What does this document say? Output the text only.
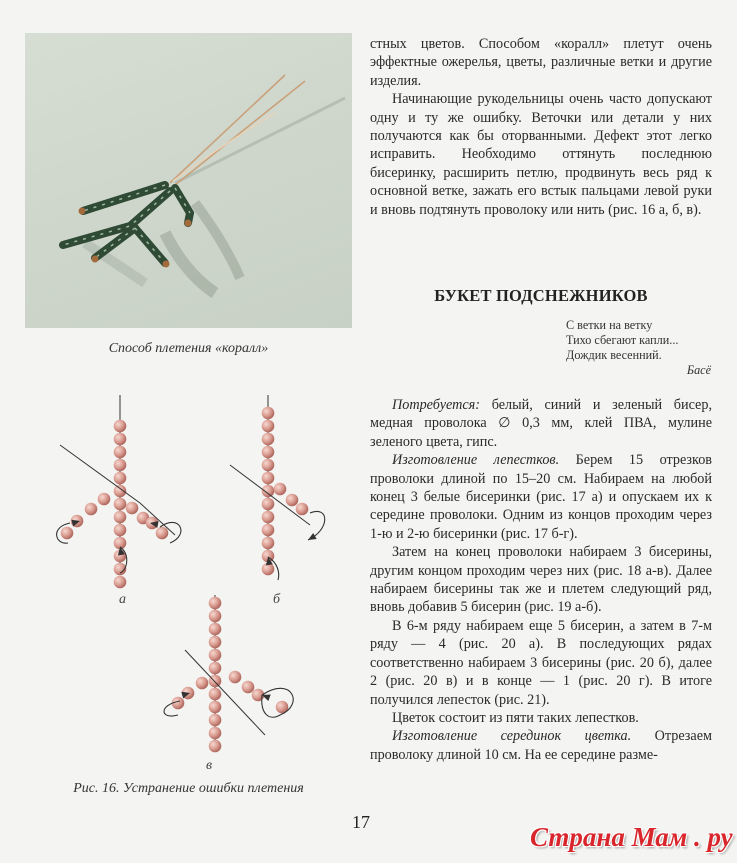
Способ плетения «коралл»
а	б
в
Рис. 16. Устранение ошибки плетения

стных цветов. Способом «коралл» плетут очень эффектные ожерелья, цветы, различные ветки и другие изделия.

Начинающие рукодельницы очень часто допускают одну и ту же ошибку. Веточки или детали у них получаются как бы оторванными. Дефект этот легко исправить. Необходимо оттянуть последнюю бисеринку, расширить петлю, продвинуть весь ряд к основной ветке, зажать его встык пальцами левой руки и вновь подтянуть проволоку или нить (рис. 16 а, б, в).

БУКЕТ ПОДСНЕЖНИКОВ
С ветки на ветку
Тихо сбегают капли...
Дождик весенний.
Басё

Потребуется: белый, синий и зеленый бисер, медная проволока ∅ 0,3 мм, клей ПВА, мулине зеленого цвета, гипс.

Изготовление лепестков. Берем 15 отрезков проволоки длиной по 15–20 см. Набираем на любой конец 3 белые бисеринки (рис. 17 а) и опускаем их к середине проволоки. Одним из концов проходим через 1-ю и 2-ю бисеринки (рис. 17 б-г).

Затем на конец проволоки набираем 3 бисерины, другим концом проходим через них (рис. 18 а-в). Далее набираем бисерины так же и плетем следующий ряд, вновь добавив 5 бисерин (рис. 19 а-б).

В 6-м ряду набираем еще 5 бисерин, а затем в 7-м ряду — 4 (рис. 20 а). В последующих рядах соответственно набираем 3 бисерины (рис. 20 б), далее 2 (рис. 20 в) и в конце — 1 (рис. 20 г). В итоге получился лепесток (рис. 21).

Цветок состоит из пяти таких лепестков.

Изготовление серединок цветка. Отрезаем проволоку длиной 10 см. На ее середине разме-

17	Страна Мам . ру
